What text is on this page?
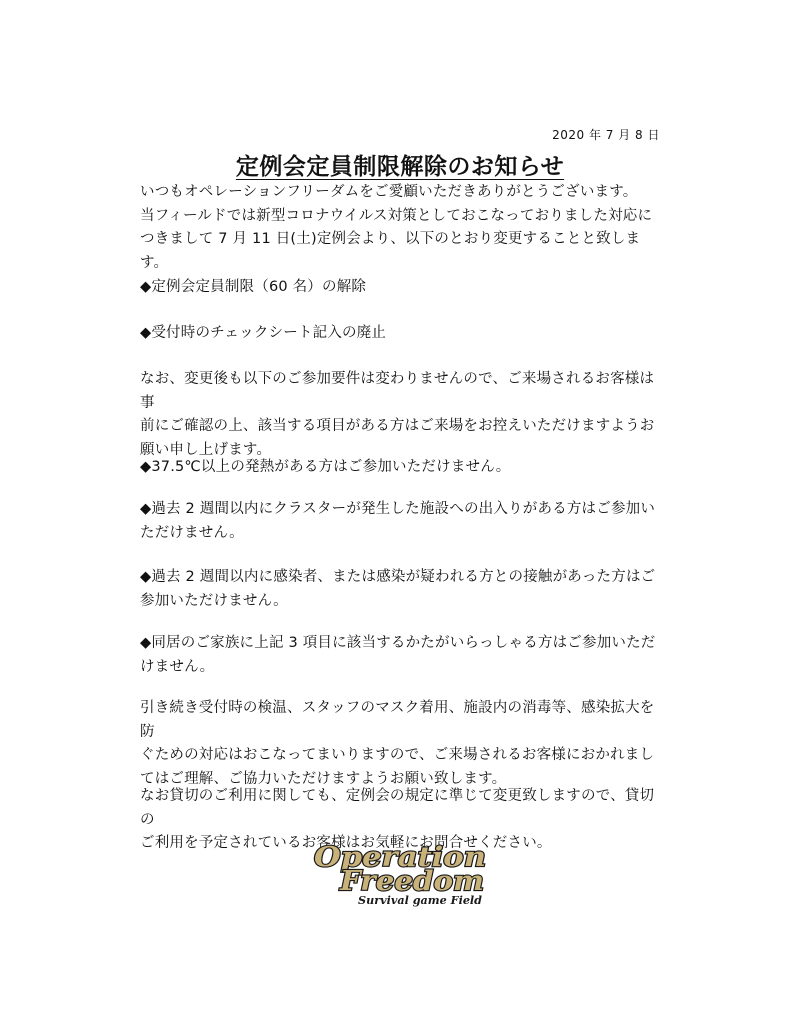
2020 年 7 月 8 日
定例会定員制限解除のお知らせ

いつもオペレーションフリーダムをご愛顧いただきありがとうございます。

当フィールドでは新型コロナウイルス対策としておこなっておりました対応に

つきまして 7 月 11 日(土)定例会より、以下のとおり変更することと致します。

◆定例会定員制限（60 名）の解除

◆受付時のチェックシート記入の廃止

なお、変更後も以下のご参加要件は変わりませんので、ご来場されるお客様は事

前にご確認の上、該当する項目がある方はご来場をお控えいただけますようお

願い申し上げます。

◆37.5℃以上の発熱がある方はご参加いただけません。

◆過去 2 週間以内にクラスターが発生した施設への出入りがある方はご参加い

ただけません。

◆過去 2 週間以内に感染者、または感染が疑われる方との接触があった方はご

参加いただけません。

◆同居のご家族に上記 3 項目に該当するかたがいらっしゃる方はご参加いただ

けません。

引き続き受付時の検温、スタッフのマスク着用、施設内の消毒等、感染拡大を防

ぐための対応はおこなってまいりますので、ご来場されるお客様におかれまし

てはご理解、ご協力いただけますようお願い致します。

なお貸切のご利用に関しても、定例会の規定に準じて変更致しますので、貸切の

ご利用を予定されているお客様はお気軽にお問合せください。

Operation
Freedom
Survival game Field
